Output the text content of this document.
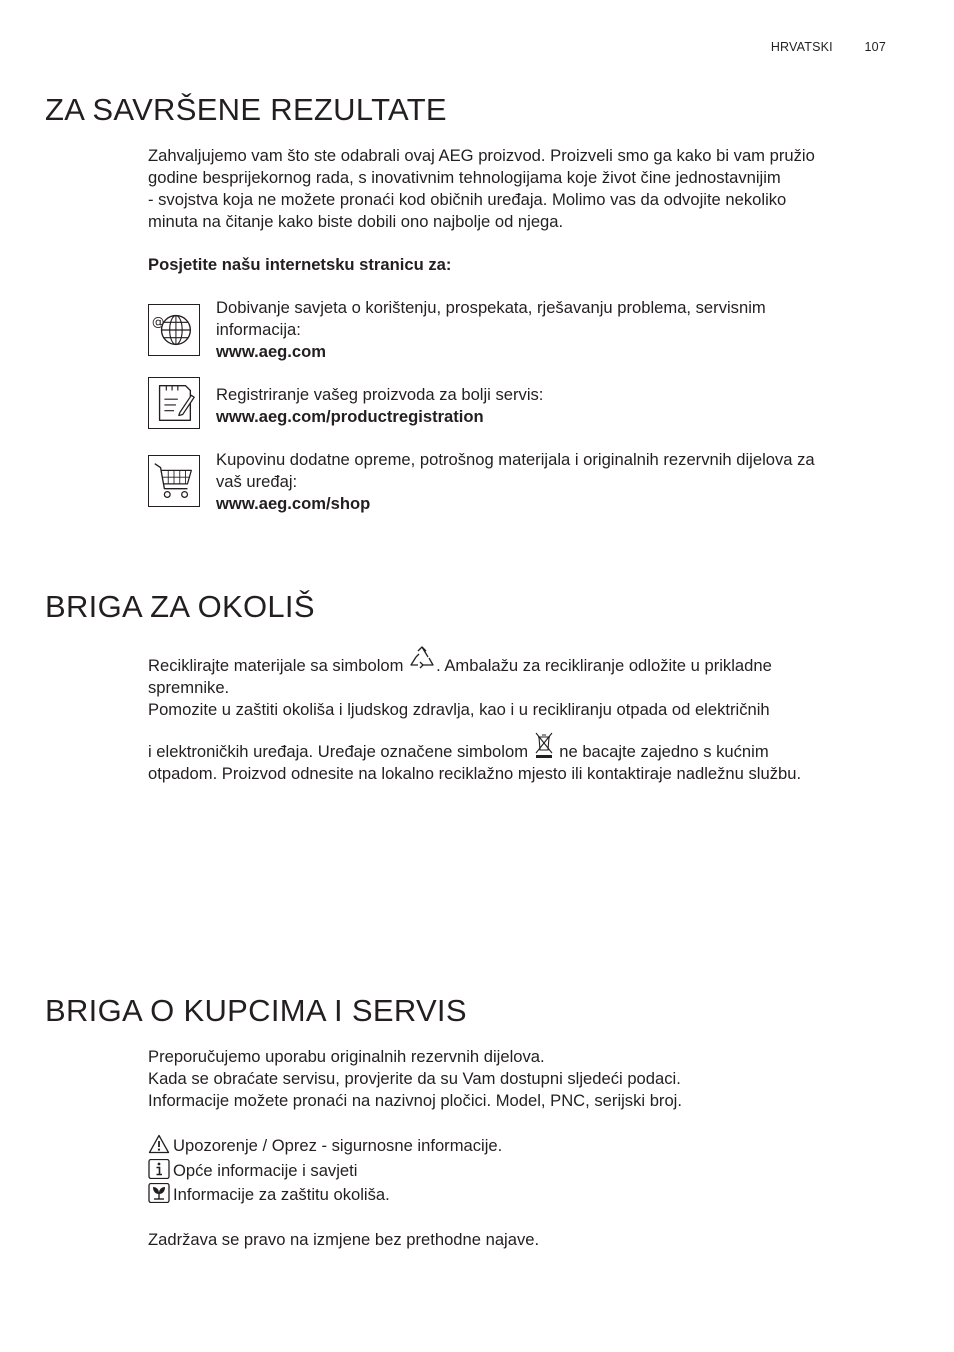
HRVATSKI	107
ZA SAVRŠENE REZULTATE

Zahvaljujemo vam što ste odabrali ovaj AEG proizvod. Proizveli smo ga kako bi vam pružio

godine besprijekornog rada, s inovativnim tehnologijama koje život čine jednostavnijim

- svojstva koja ne možete pronaći kod običnih uređaja. Molimo vas da odvojite nekoliko

minuta na čitanje kako biste dobili ono najbolje od njega.

Posjetite našu internetsku stranicu za:
@
Dobivanje savjeta o korištenju, prospekata, rješavanju problema, servisnim
informacija:
www.aeg.com
Registriranje vašeg proizvoda za bolji servis:
www.aeg.com/productregistration
Kupovinu dodatne opreme, potrošnog materijala i originalnih rezervnih dijelova za
vaš uređaj:
www.aeg.com/shop
BRIGA ZA OKOLIŠ

Reciklirajte materijale sa simbolom . Ambalažu za recikliranje odložite u prikladne

spremnike.

Pomozite u zaštiti okoliša i ljudskog zdravlja, kao i u recikliranju otpada od električnih

i elektroničkih uređaja. Uređaje označene simbolom ne bacajte zajedno s kućnim

otpadom. Proizvod odnesite na lokalno reciklažno mjesto ili kontaktiraje nadležnu službu.

BRIGA O KUPCIMA I SERVIS

Preporučujemo uporabu originalnih rezervnih dijelova.

Kada se obraćate servisu, provjerite da su Vam dostupni sljedeći podaci.

Informacije možete pronaći na nazivnoj pločici. Model, PNC, serijski broj.

Upozorenje / Oprez - sigurnosne informacije.
Opće informacije i savjeti
Informacije za zaštitu okoliša.
Zadržava se pravo na izmjene bez prethodne najave.
